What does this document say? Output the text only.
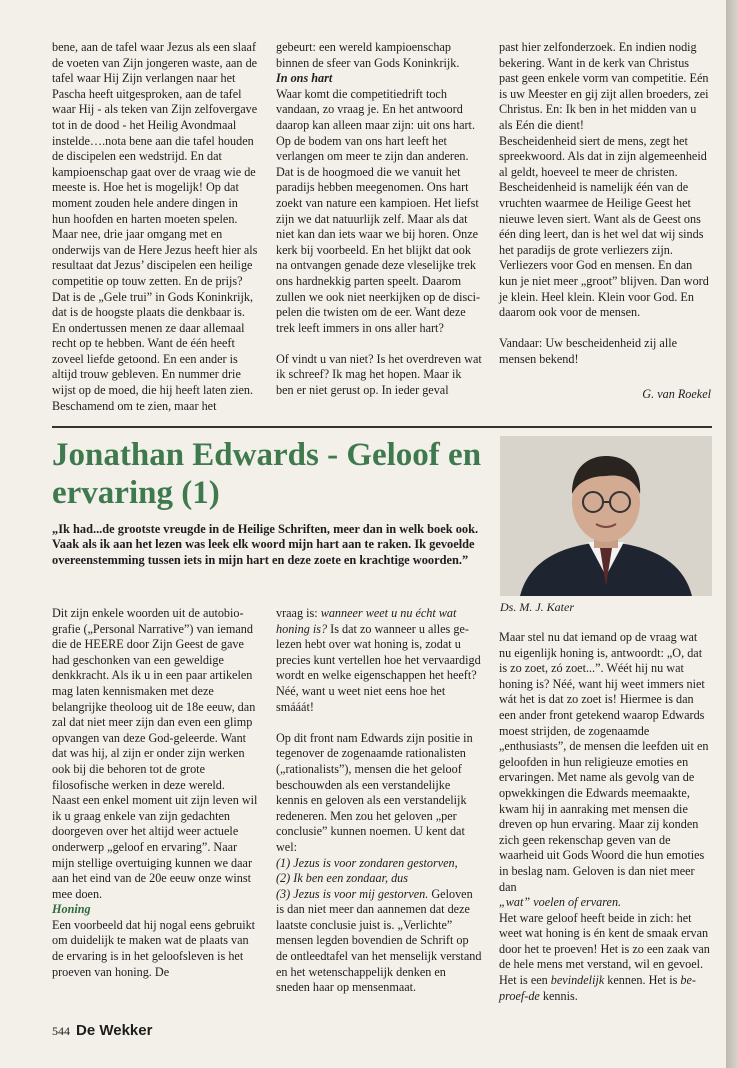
bene, aan de tafel waar Jezus als een slaaf de voeten van Zijn jongeren waste, aan de tafel waar Hij Zijn verlangen naar het Pascha heeft uitgesproken, aan de tafel waar Hij - als teken van Zijn zelfovergave tot in de dood - het Heilig Avondmaal instelde….nota bene aan die tafel houden de discipelen een wedstrijd. En dat kampioenschap gaat over de vraag wie de meeste is. Hoe het is mogelijk! Op dat moment zouden hele andere dingen in hun hoofden en harten moeten spelen. Maar nee, drie jaar omgang met en onderwijs van de Here Jezus heeft hier als resultaat dat Jezus’ discipelen een heilige competitie op touw zetten. En de prijs? Dat is de „Gele trui” in Gods Koninkrijk, dat is de hoogste plaats die denkbaar is. En ondertussen menen ze daar allemaal recht op te hebben. Want de één heeft zoveel liefde getoond. En een ander is altijd trouw gebleven. En nummer drie wijst op de moed, die hij heeft laten zien. Beschamend om te zien, maar het

gebeurt: een wereld kampioenschap binnen de sfeer van Gods Koninkrijk.

In ons hart

Waar komt die competitiedrift toch vandaan, zo vraag je. En het antwoord daarop kan alleen maar zijn: uit ons hart. Op de bodem van ons hart leeft het verlangen om meer te zijn dan anderen. Dat is de hoogmoed die we vanuit het paradijs hebben meegenomen. Ons hart zoekt van nature een kampioen. Het liefst zijn we dat natuurlijk zelf. Maar als dat niet kan dan iets waar we bij horen. Onze kerk bij voorbeeld. En het blijkt dat ook na ontvangen genade deze vleselijke trek ons hardnekkig parten speelt. Daarom zullen we ook niet neerkijken op de discipelen die twisten om de eer. Want deze trek leeft immers in ons aller hart?

Of vindt u van niet? Is het overdreven wat ik schreef? Ik mag het hopen. Maar ik ben er niet gerust op. In ieder geval

past hier zelfonderzoek. En indien nodig bekering. Want in de kerk van Christus past geen enkele vorm van competitie. Eén is uw Meester en gij zijt allen broeders, zei Christus. En: Ik ben in het midden van u als Eén die dient!

Bescheidenheid siert de mens, zegt het spreekwoord. Als dat in zijn algemeenheid al geldt, hoeveel te meer de christen. Bescheidenheid is namelijk één van de vruchten waarmee de Heilige Geest het nieuwe leven siert. Want als de Geest ons één ding leert, dan is het wel dat wij sinds het paradijs de grote verliezers zijn. Verliezers voor God en mensen. En dan kun je niet meer „groot” blijven. Dan word je klein. Heel klein. Klein voor God. En daarom ook voor de mensen.

Vandaar: Uw bescheidenheid zij alle mensen bekend!

G. van Roekel

Jonathan Edwards - Geloof en ervaring (1)

„Ik had...de grootste vreugde in de Heilige Schriften, meer dan in welk boek ook. Vaak als ik aan het lezen was leek elk woord mijn hart aan te raken. Ik gevoelde overeenstemming tussen iets in mijn hart en deze zoete en krachtige woorden.”

Ds. M. J. Kater

Dit zijn enkele woorden uit de autobiografie („Personal Narrative”) van iemand die de HEERE door Zijn Geest de gave had geschonken van een geweldige denkkracht. Als ik u in een paar artikelen mag laten kennismaken met deze belangrijke theoloog uit de 18e eeuw, dan zal dat niet meer zijn dan even een glimp opvangen van deze God-geleerde. Want dat was hij, al zijn er onder zijn werken ook bij die behoren tot de grote filosofische werken in deze wereld.

Naast een enkel moment uit zijn leven wil ik u graag enkele van zijn gedachten doorgeven over het altijd weer actuele onderwerp „geloof en ervaring”. Naar mijn stellige overtuiging kunnen we daar aan het eind van de 20e eeuw onze winst mee doen.

Honing

Een voorbeeld dat hij nogal eens gebruikt om duidelijk te maken wat de plaats van de ervaring is in het geloofsleven is het proeven van honing. De

vraag is: wanneer weet u nu écht wat honing is? Is dat zo wanneer u alles gelezen hebt over wat honing is, zodat u precies kunt vertellen hoe het vervaardigd wordt en welke eigenschappen het heeft? Néé, want u weet niet eens hoe het smááát!

Op dit front nam Edwards zijn positie in tegenover de zogenaamde rationalisten („rationalists”), mensen die het geloof beschouwden als een verstandelijke kennis en geloven als een verstandelijk redeneren. Men zou het geloven „per conclusie” kunnen noemen. U kent dat wel:

(1) Jezus is voor zondaren gestorven,
(2) Ik ben een zondaar, dus
(3) Jezus is voor mij gestorven. Geloven is dan niet meer dan aannemen dat deze laatste conclusie juist is. „Verlichte” mensen legden bovendien de Schrift op de ontleedtafel van het menselijk verstand en het wetenschappelijk denken en sneden haar op mensenmaat.

Maar stel nu dat iemand op de vraag wat nu eigenlijk honing is, antwoordt: „O, dat is zo zoet, zó zoet...”. Wéét hij nu wat honing is? Néé, want hij weet immers niet wát het is dat zo zoet is! Hiermee is dan een ander front getekend waarop Edwards moest strijden, de zogenaamde „enthusiasts”, de mensen die leefden uit en geloofden in hun religieuze emoties en ervaringen. Met name als gevolg van de opwekkingen die Edwards meemaakte, kwam hij in aanraking met mensen die dreven op hun ervaring. Maar zij konden zich geen rekenschap geven van de waarheid uit Gods Woord die hun emoties in beslag nam. Geloven is dan niet meer dan
„wat” voelen of ervaren.

Het ware geloof heeft beide in zich: het weet wat honing is én kent de smaak ervan door het te proeven! Het is zo een zaak van de hele mens met verstand, wil en gevoel. Het is een bevindelijk kennen. Het is be-proef-de kennis.

544 De Wekker
